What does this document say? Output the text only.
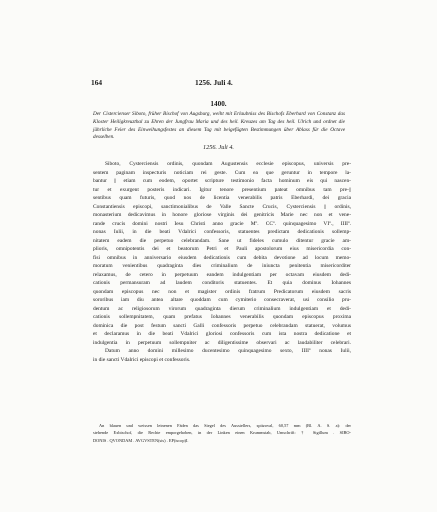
164	1256. Juli 4.
1400.
Der Cistercienser Siboto, früher Bischof von Augsburg, weiht mit Erlaubniss des Bischofs Eberhard von Constanz das Kloster Heiligkreuzthal zu Ehren der Jungfrau Maria und des heil. Kreuzes am Tag des heil. Ulrich und ordnet die jährliche Feier des Einweihungsfestes an diesem Tag mit beigefügten Bestimmungen über Ablass für die Octave desselben.
1256. Juli 4.
Siboto, Cysterciensis ordinis, quondam Augustensis ecclesie episcopus, universis pre-
sentem paginam inspecturis noticiam rei geste. Cum ea que geruntur in tempore la-
bantur || etiam cum eodem, oportet scripture testimonio facta hominum eis qui nascen-
tur et exurgent posteris indicari. Igitur tenore presentium pateat omnibus tam pre-||
sentibus quam futuris, quod nos de licentia venerabilis patris Eberhardi, dei gracia
Constantiensis episcopi, sanctimonialibus de Valle Sancte Crucis, Cysterciensis || ordinis,
monasterium dedicavimus in honore gloriose virginis dei genitricis Marie nec non et vene-
rande crucis domini nostri Iesu Christi anno gracie Mº. CCº. quinquagesimo VIº., IIIIº.
nonas Iulii, in die beati Vdalrici confessoris, statuentes predictam dedicationis sollemp-
nitatem eadem die perpetuo celebrandam. Sane ut fideles cumulo ditentur gracie am-
plioris, omnipotentis dei et beatorum Petri et Pauli apostolorum eius misericordia con-
fisi omnibus in anniversario eiusdem dedicationis cum debita devotione ad locum memo-
moratum venientibus quadraginta dies criminalium de iniuncta penitentia misericorditer
relaxamus, de cetero in perpetuum eandem indulgentiam per octavam eiusdem dedi-
cationis permansuram ad laudem conditoris statuentes. Et quia dominus Iohannes
quondam episcopus nec non et magister ordinis fratrum Predicatorum eiusdem sacris
sororibus iam diu antea altare quoddam cum cymiterio consecraverat, usi consilio pru-
dentum ac religiosorum virorum quadraginta dierum criminalium indulgentiam et dedi-
cationis sollempnitatem, quam prefatus Iohannes venerabilis quondam episcopus proxima
dominica die post festum sancti Galli confessoris perpetuo celebrandam statuerat, volumus
et declaramus in die beati Vdalrici gloriosi confessoris cum ista nostra dedicatione et
indulgentia in perpetuum sollempniter ac diligentissime observari ac laudabiliter celebrari.
Datum anno domini millesimo ducentesimo quinquagesimo sexto, IIIIº nonas Iulii,
in die sancti Vdalrici episcopi et confessoris.
An blauen und weissen leinenen Fäden das Siegel des Ausstellers, spitzoval, 60,57 mm (Bl. A. S. a): der
stehende Exbischof, die Rechte emporgehoben, in der Linken einen Krummstab, Umschrift: † Sigillum . SIBO-
DONIS . QVONDAM . AVGVSTEN(sis) . EP(iscop)I.
